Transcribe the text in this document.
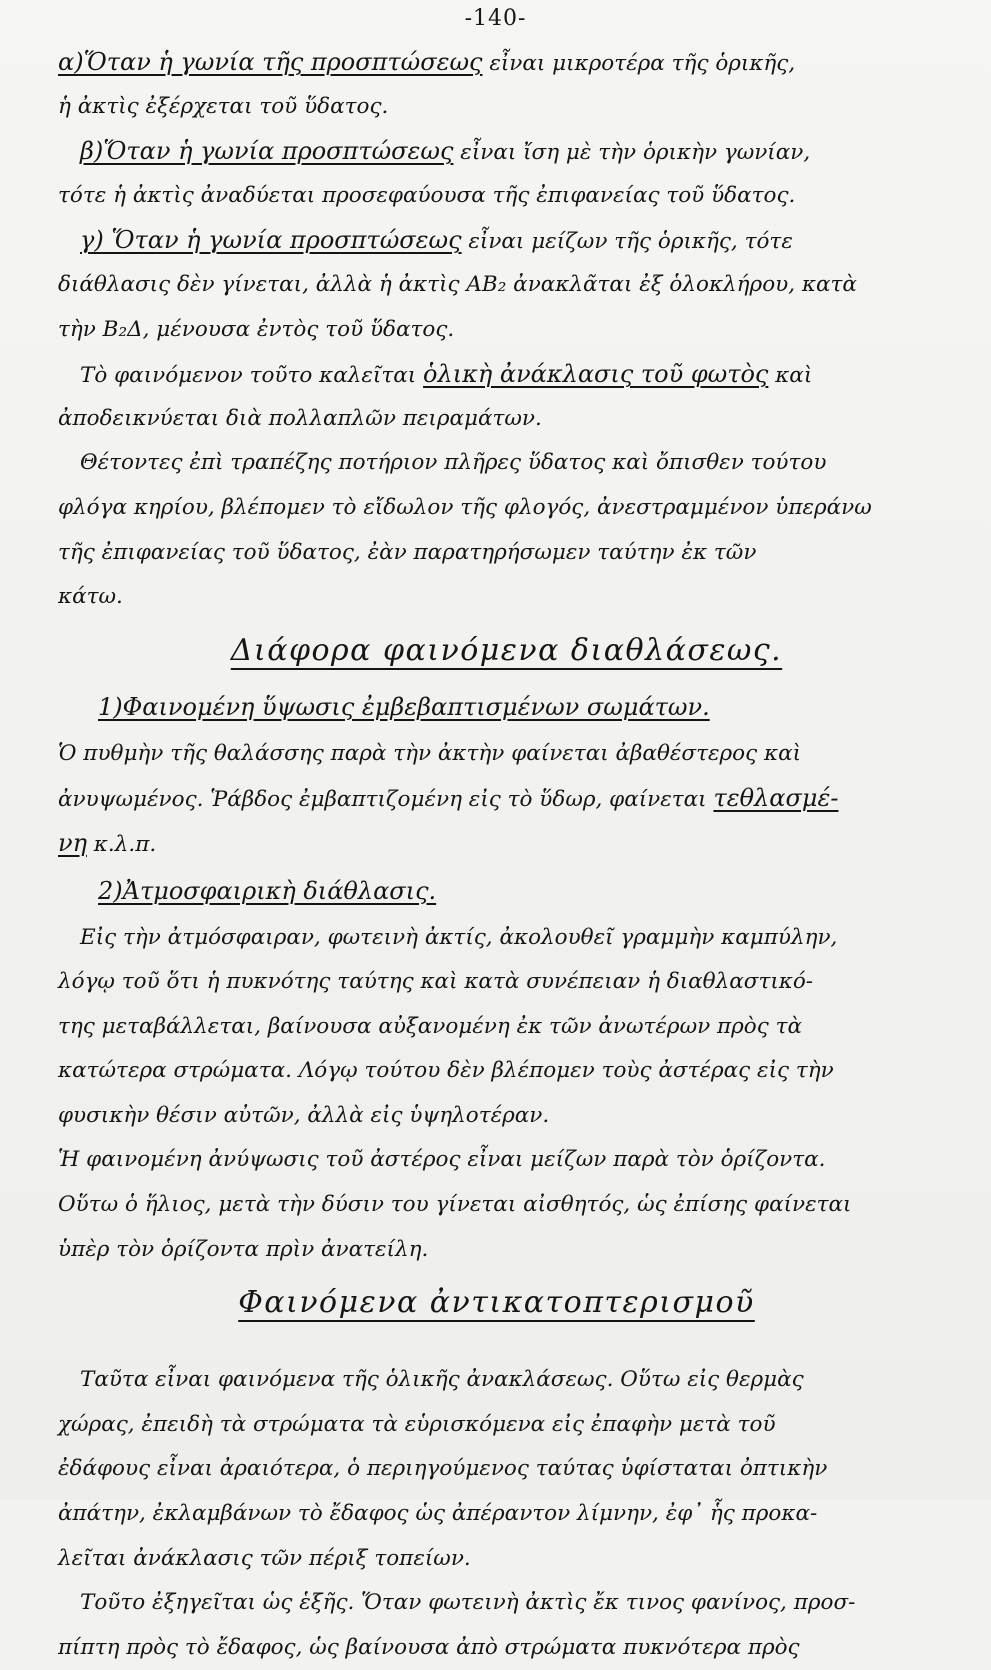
-140-
α)Ὅταν ἡ γωνία τῆς προσπτώσεως εἶναι μικροτέρα τῆς ὁρικῆς,
ἡ ἀκτὶς ἐξέρχεται τοῦ ὕδατος.
β)Ὅταν ἡ γωνία προσπτώσεως εἶναι ἴση μὲ τὴν ὁρικὴν γωνίαν,
τότε ἡ ἀκτὶς ἀναδύεται προσεφαύουσα τῆς ἐπιφανείας τοῦ ὕδατος.
γ) Ὅταν ἡ γωνία προσπτώσεως εἶναι μείζων τῆς ὁρικῆς, τότε
διάθλασις δὲν γίνεται, ἀλλὰ ἡ ἀκτὶς ΑΒ₂ ἀνακλᾶται ἐξ ὁλοκλήρου, κατὰ
τὴν Β₂Δ, μένουσα ἐντὸς τοῦ ὕδατος.
Τὸ φαινόμενον τοῦτο καλεῖται ὁλικὴ ἀνάκλασις τοῦ φωτὸς καὶ
ἀποδεικνύεται διὰ πολλαπλῶν πειραμάτων.
Θέτοντες ἐπὶ τραπέζης ποτήριον πλῆρες ὕδατος καὶ ὄπισθεν τούτου
φλόγα κηρίου, βλέπομεν τὸ εἴδωλον τῆς φλογός, ἀνεστραμμένον ὑπεράνω
τῆς ἐπιφανείας τοῦ ὕδατος, ἐὰν παρατηρήσωμεν ταύτην ἐκ τῶν
κάτω.
Διάφορα φαινόμενα διαθλάσεως.
1)Φαινομένη ὕψωσις ἐμβεβαπτισμένων σωμάτων.
Ὁ πυθμὴν τῆς θαλάσσης παρὰ τὴν ἀκτὴν φαίνεται ἀβαθέστερος καὶ
ἀνυψωμένος. Ῥάβδος ἐμβαπτιζομένη εἰς τὸ ὕδωρ, φαίνεται τεθλασμέ-
νη κ.λ.π.
2)Ἀτμοσφαιρικὴ διάθλασις.
Εἰς τὴν ἀτμόσφαιραν, φωτεινὴ ἀκτίς, ἀκολουθεῖ γραμμὴν καμπύλην,
λόγῳ τοῦ ὅτι ἡ πυκνότης ταύτης καὶ κατὰ συνέπειαν ἡ διαθλαστικό-
της μεταβάλλεται, βαίνουσα αὐξανομένη ἐκ τῶν ἀνωτέρων πρὸς τὰ
κατώτερα στρώματα. Λόγῳ τούτου δὲν βλέπομεν τοὺς ἀστέρας εἰς τὴν
φυσικὴν θέσιν αὐτῶν, ἀλλὰ εἰς ὑψηλοτέραν.
Ἡ φαινομένη ἀνύψωσις τοῦ ἀστέρος εἶναι μείζων παρὰ τὸν ὁρίζοντα.
Οὕτω ὁ ἥλιος, μετὰ τὴν δύσιν του γίνεται αἰσθητός, ὡς ἐπίσης φαίνεται
ὑπὲρ τὸν ὁρίζοντα πρὶν ἀνατείλη.
Φαινόμενα ἀντικατοπτερισμοῦ
Ταῦτα εἶναι φαινόμενα τῆς ὁλικῆς ἀνακλάσεως. Οὕτω εἰς θερμὰς
χώρας, ἐπειδὴ τὰ στρώματα τὰ εὑρισκόμενα εἰς ἐπαφὴν μετὰ τοῦ
ἐδάφους εἶναι ἀραιότερα, ὁ περιηγούμενος ταύτας ὑφίσταται ὀπτικὴν
ἀπάτην, ἐκλαμβάνων τὸ ἔδαφος ὡς ἀπέραντον λίμνην, ἐφ᾽ ἧς προκα-
λεῖται ἀνάκλασις τῶν πέριξ τοπείων.
Τοῦτο ἐξηγεῖται ὡς ἑξῆς. Ὅταν φωτεινὴ ἀκτὶς ἔκ τινος φανίνος, προσ-
πίπτη πρὸς τὸ ἔδαφος, ὡς βαίνουσα ἀπὸ στρώματα πυκνότερα πρὸς
